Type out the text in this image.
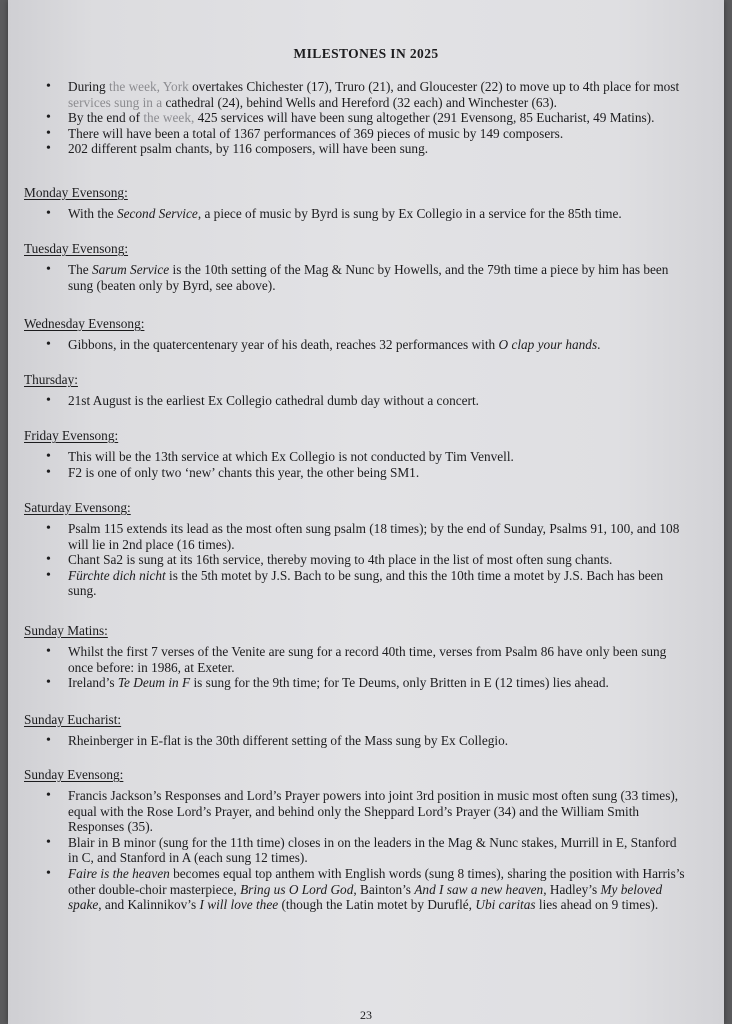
MILESTONES IN 2025
• During the week, York overtakes Chichester (17), Truro (21), and Gloucester (22) to move up to 4th place for most services sung in a cathedral (24), behind Wells and Hereford (32 each) and Winchester (63).
• By the end of the week, 425 services will have been sung altogether (291 Evensong, 85 Eucharist, 49 Matins).
• There will have been a total of 1367 performances of 369 pieces of music by 149 composers.
• 202 different psalm chants, by 116 composers, will have been sung.
Monday Evensong:
• With the Second Service, a piece of music by Byrd is sung by Ex Collegio in a service for the 85th time.
Tuesday Evensong:
• The Sarum Service is the 10th setting of the Mag & Nunc by Howells, and the 79th time a piece by him has been sung (beaten only by Byrd, see above).
Wednesday Evensong:
• Gibbons, in the quatercentenary year of his death, reaches 32 performances with O clap your hands.
Thursday:
• 21st August is the earliest Ex Collegio cathedral dumb day without a concert.
Friday Evensong:
• This will be the 13th service at which Ex Collegio is not conducted by Tim Venvell.
• F2 is one of only two ‘new’ chants this year, the other being SM1.
Saturday Evensong:
• Psalm 115 extends its lead as the most often sung psalm (18 times); by the end of Sunday, Psalms 91, 100, and 108 will lie in 2nd place (16 times).
• Chant Sa2 is sung at its 16th service, thereby moving to 4th place in the list of most often sung chants.
• Fürchte dich nicht is the 5th motet by J.S. Bach to be sung, and this the 10th time a motet by J.S. Bach has been sung.
Sunday Matins:
• Whilst the first 7 verses of the Venite are sung for a record 40th time, verses from Psalm 86 have only been sung once before: in 1986, at Exeter.
• Ireland’s Te Deum in F is sung for the 9th time; for Te Deums, only Britten in E (12 times) lies ahead.
Sunday Eucharist:
• Rheinberger in E-flat is the 30th different setting of the Mass sung by Ex Collegio.
Sunday Evensong:
• Francis Jackson’s Responses and Lord’s Prayer powers into joint 3rd position in music most often sung (33 times), equal with the Rose Lord’s Prayer, and behind only the Sheppard Lord’s Prayer (34) and the William Smith Responses (35).
• Blair in B minor (sung for the 11th time) closes in on the leaders in the Mag & Nunc stakes, Murrill in E, Stanford in C, and Stanford in A (each sung 12 times).
• Faire is the heaven becomes equal top anthem with English words (sung 8 times), sharing the position with Harris’s other double-choir masterpiece, Bring us O Lord God, Bainton’s And I saw a new heaven, Hadley’s My beloved spake, and Kalinnikov’s I will love thee (though the Latin motet by Duruflé, Ubi caritas lies ahead on 9 times).
23
